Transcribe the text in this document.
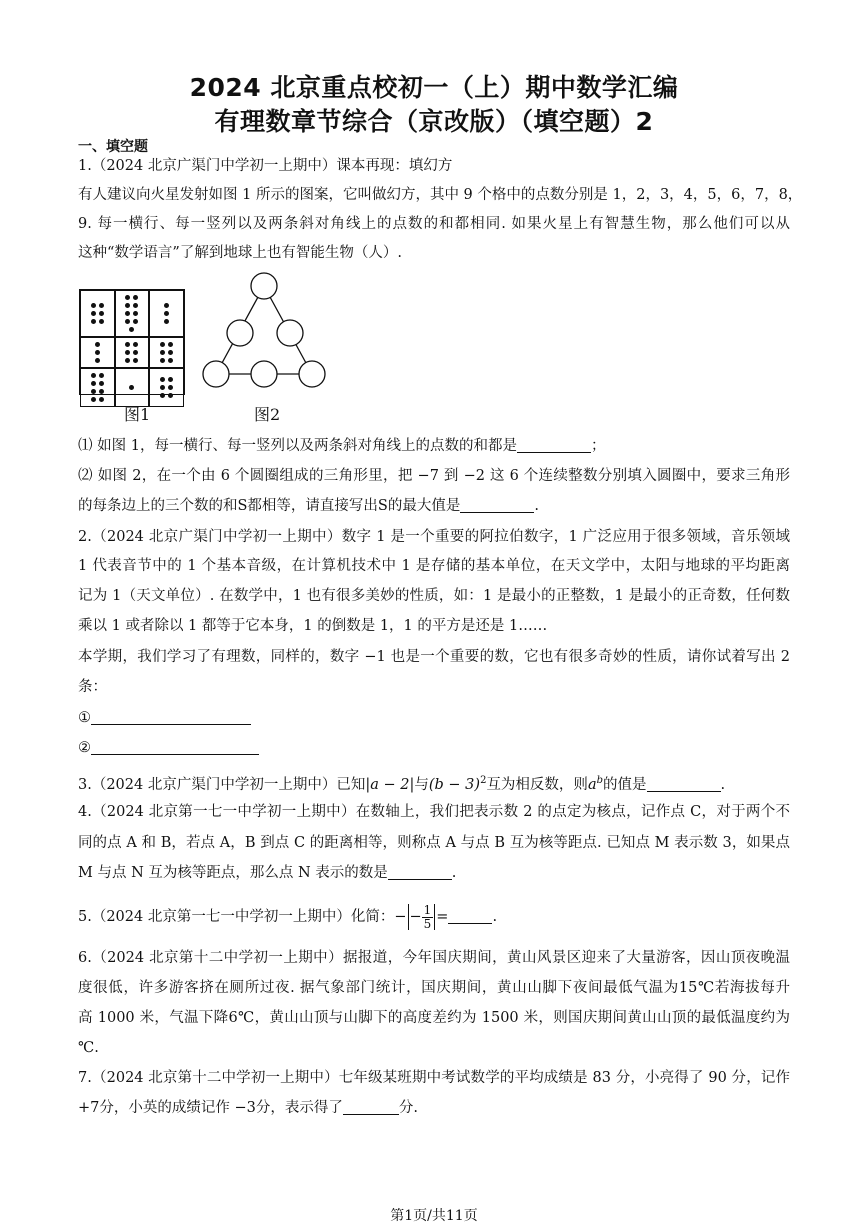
2024 北京重点校初一（上）期中数学汇编
有理数章节综合（京改版）（填空题）2
一、填空题
1.（2024 北京广渠门中学初一上期中）课本再现：填幻方
有人建议向火星发射如图 1 所示的图案，它叫做幻方，其中 9 个格中的点数分别是 1，2，3，4，5，6，7，8，
9. 每一横行、每一竖列以及两条斜对角线上的点数的和都相同. 如果火星上有智慧生物，那么他们可以从
这种“数学语言”了解到地球上也有智能生物（人）.
图1	图2
⑴ 如图 1，每一横行、每一竖列以及两条斜对角线上的点数的和都是	；
⑵ 如图 2，在一个由 6 个圆圈组成的三角形里，把 −7 到 −2 这 6 个连续整数分别填入圆圈中，要求三角形
的每条边上的三个数的和S都相等，请直接写出S的最大值是	.
2.（2024 北京广渠门中学初一上期中）数字 1 是一个重要的阿拉伯数字，1 广泛应用于很多领域，音乐领域
1 代表音节中的 1 个基本音级，在计算机技术中 1 是存储的基本单位，在天文学中，太阳与地球的平均距离
记为 1（天文单位）. 在数学中，1 也有很多美妙的性质，如：1 是最小的正整数，1 是最小的正奇数，任何数
乘以 1 或者除以 1 都等于它本身，1 的倒数是 1，1 的平方是还是 1……
本学期，我们学习了有理数，同样的，数字 −1 也是一个重要的数，它也有很多奇妙的性质，请你试着写出 2
条：
①
②
3.（2024 北京广渠门中学初一上期中）已知|a − 2|与$(b - 3)^2$互为相反数，则$a^b$的值是	.
4.（2024 北京第一七一中学初一上期中）在数轴上，我们把表示数 2 的点定为核点，记作点 C，对于两个不
同的点 A 和 B，若点 A，B 到点 C 的距离相等，则称点 A 与点 B 互为核等距点. 已知点 M 表示数 3，如果点
M 与点 N 互为核等距点，那么点 N 表示的数是	.
5.（2024 北京第一七一中学初一上期中）化简：− − $\frac{1}{5}$ =	.
6.（2024 北京第十二中学初一上期中）据报道，今年国庆期间，黄山风景区迎来了大量游客，因山顶夜晚温
度很低，许多游客挤在厕所过夜. 据气象部门统计，国庆期间，黄山山脚下夜间最低气温为15℃若海拔每升
高 1000 米，气温下降6℃，黄山山顶与山脚下的高度差约为 1500 米，则国庆期间黄山山顶的最低温度约为
℃.
7.（2024 北京第十二中学初一上期中）七年级某班期中考试数学的平均成绩是 83 分，小亮得了 90 分，记作
+7分，小英的成绩记作 −3分，表示得了	分.
第1页/共11页
